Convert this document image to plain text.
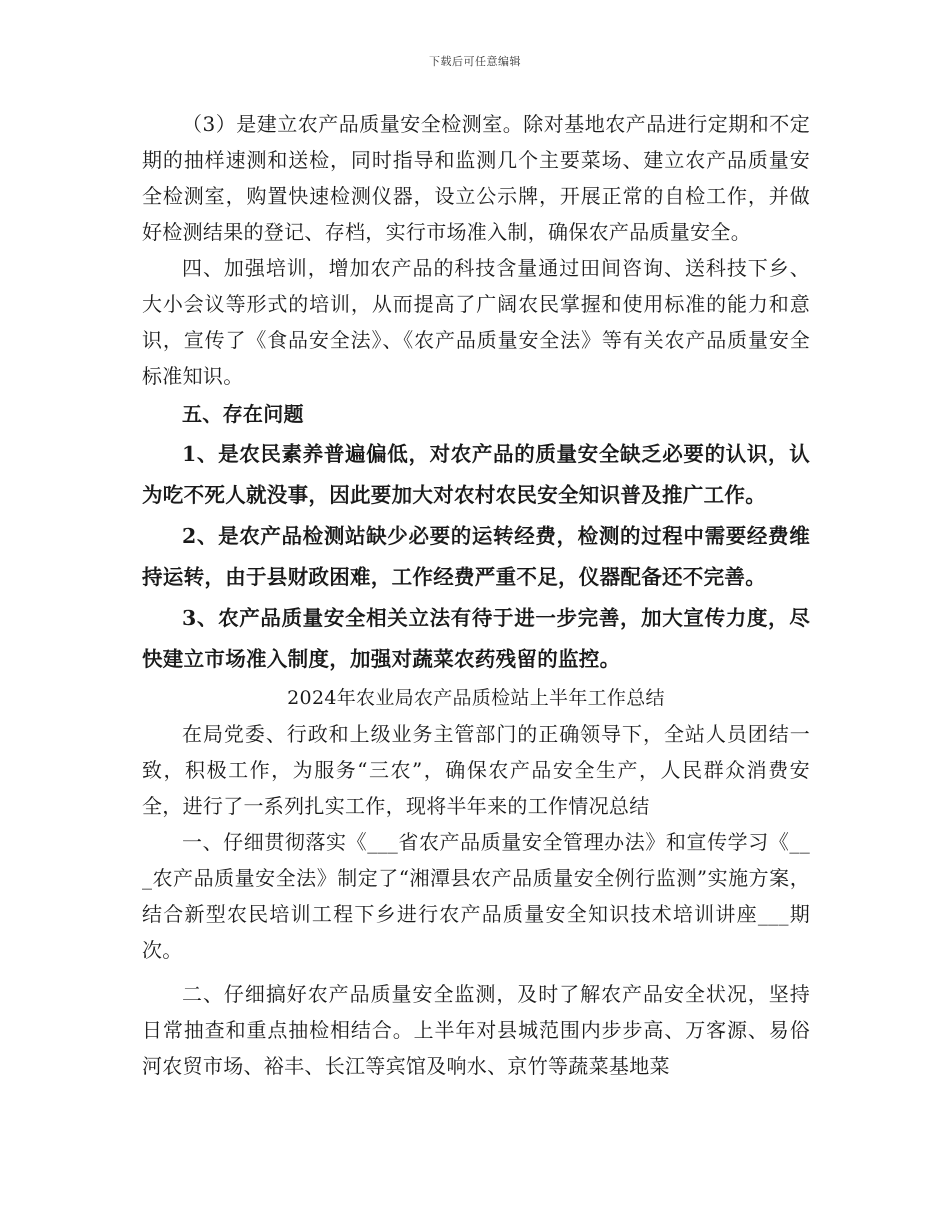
下载后可任意编辑

（3）是建立农产品质量安全检测室。除对基地农产品进行定期和不定期的抽样速测和送检，同时指导和监测几个主要菜场、建立农产品质量安全检测室，购置快速检测仪器，设立公示牌，开展正常的自检工作，并做好检测结果的登记、存档，实行市场准入制，确保农产品质量安全。

四、加强培训，增加农产品的科技含量通过田间咨询、送科技下乡、大小会议等形式的培训，从而提高了广阔农民掌握和使用标准的能力和意识，宣传了《食品安全法》、《农产品质量安全法》等有关农产品质量安全标准知识。

五、存在问题

1、是农民素养普遍偏低，对农产品的质量安全缺乏必要的认识，认为吃不死人就没事，因此要加大对农村农民安全知识普及推广工作。

2、是农产品检测站缺少必要的运转经费，检测的过程中需要经费维持运转，由于县财政困难，工作经费严重不足，仪器配备还不完善。

3、农产品质量安全相关立法有待于进一步完善，加大宣传力度，尽快建立市场准入制度，加强对蔬菜农药残留的监控。

2024年农业局农产品质检站上半年工作总结

在局党委、行政和上级业务主管部门的正确领导下，全站人员团结一致，积极工作，为服务“三农”，确保农产品安全生产，人民群众消费安全，进行了一系列扎实工作，现将半年来的工作情况总结

一、仔细贯彻落实《___省农产品质量安全管理办法》和宣传学习《___农产品质量安全法》制定了“湘潭县农产品质量安全例行监测”实施方案，结合新型农民培训工程下乡进行农产品质量安全知识技术培训讲座___期次。

二、仔细搞好农产品质量安全监测，及时了解农产品安全状况，坚持日常抽查和重点抽检相结合。上半年对县城范围内步步高、万客源、易俗河农贸市场、裕丰、长江等宾馆及响水、京竹等蔬菜基地菜
